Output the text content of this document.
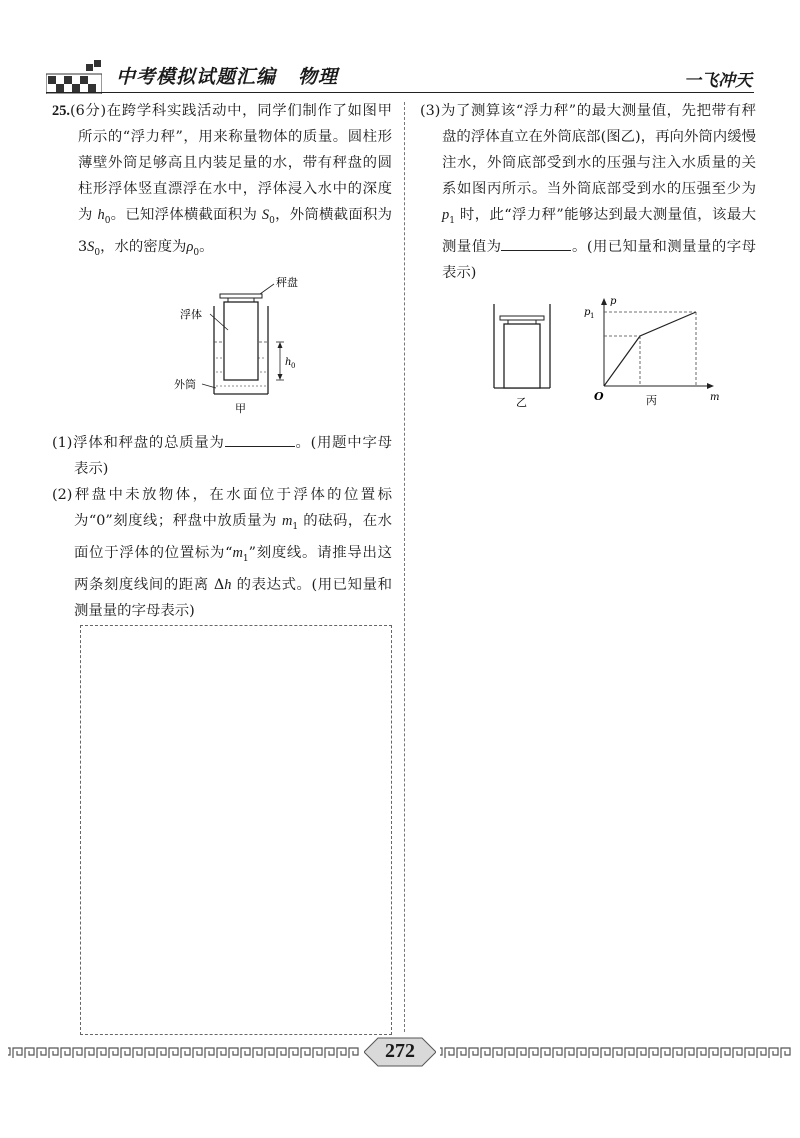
中考模拟试题汇编 物理	一飞冲天
25.(6分)在跨学科实践活动中，同学们制作了如图甲所示的“浮力秤”，用来称量物体的质量。圆柱形薄壁外筒足够高且内装足量的水，带有秤盘的圆柱形浮体竖直漂浮在水中，浮体浸入水中的深度为 $h_0$。已知浮体横截面积为 $S_0$，外筒横截面积为 $3S_0$，水的密度为$\rho_0$。
h 0
秤盘
浮体
外筒
甲
(1)浮体和秤盘的总质量为	。(用题中字母表示)
(2)秤盘中未放物体，在水面位于浮体的位置标为“0”刻度线；秤盘中放质量为 $m_1$ 的砝码，在水面位于浮体的位置标为“$m_1$”刻度线。请推导出这两条刻度线间的距离 Δh 的表达式。(用已知量和测量量的字母表示)
(3)为了测算该“浮力秤”的最大测量值，先把带有秤盘的浮体直立在外筒底部(图乙)，再向外筒内缓慢注水，外筒底部受到水的压强与注入水质量的关系如图丙所示。当外筒底部受到水的压强至少为 $p_1$ 时，此“浮力秤”能够达到最大测量值，该最大测量值为	。(用已知量和测量量的字母表示)
乙
p
p 1
m
O	丙
272
